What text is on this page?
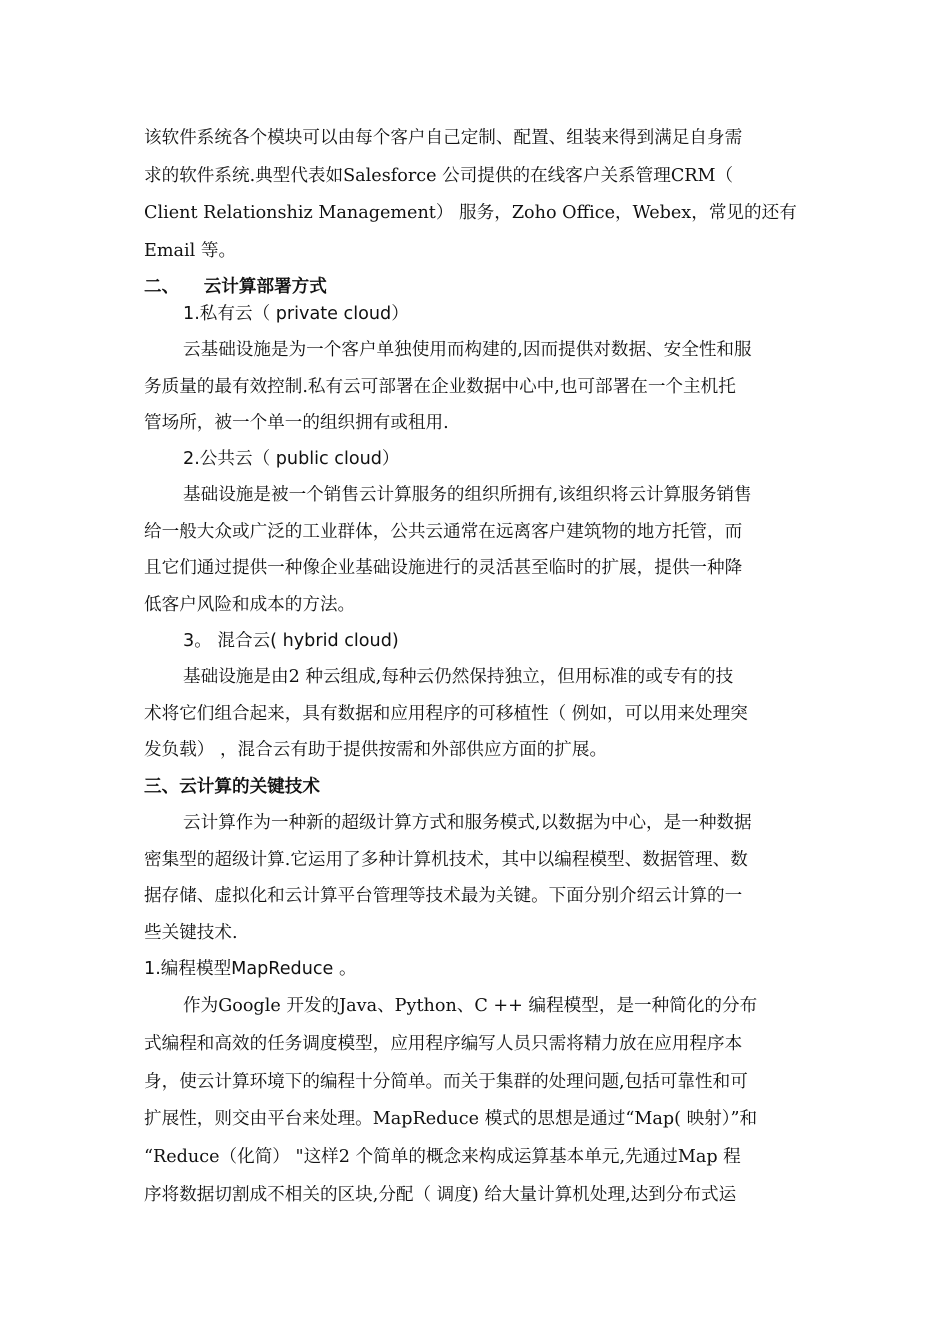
该软件系统各个模块可以由每个客户自己定制、配置、组装来得到满足自身需

求的软件系统.典型代表如Salesforce 公司提供的在线客户关系管理CRM（

Client Relationshiz Management） 服务，Zoho Office，Webex，常见的还有

Email 等。

二、    云计算部署方式

1.私有云（ private cloud）

云基础设施是为一个客户单独使用而构建的,因而提供对数据、安全性和服

务质量的最有效控制.私有云可部署在企业数据中心中,也可部署在一个主机托

管场所，被一个单一的组织拥有或租用.

2.公共云（ public cloud）

基础设施是被一个销售云计算服务的组织所拥有,该组织将云计算服务销售

给一般大众或广泛的工业群体，公共云通常在远离客户建筑物的地方托管，而

且它们通过提供一种像企业基础设施进行的灵活甚至临时的扩展，提供一种降

低客户风险和成本的方法。

3。 混合云( hybrid cloud)

基础设施是由2 种云组成,每种云仍然保持独立，但用标准的或专有的技

术将它们组合起来，具有数据和应用程序的可移植性（ 例如，可以用来处理突

发负载） ，混合云有助于提供按需和外部供应方面的扩展。

三、云计算的关键技术

云计算作为一种新的超级计算方式和服务模式,以数据为中心，是一种数据

密集型的超级计算.它运用了多种计算机技术，其中以编程模型、数据管理、数

据存储、虚拟化和云计算平台管理等技术最为关键。下面分别介绍云计算的一

些关键技术.

1.编程模型MapReduce 。

作为Google 开发的Java、Python、C ++ 编程模型，是一种简化的分布

式编程和高效的任务调度模型，应用程序编写人员只需将精力放在应用程序本

身，使云计算环境下的编程十分简单。而关于集群的处理问题,包括可靠性和可

扩展性，则交由平台来处理。MapReduce 模式的思想是通过“Map( 映射）”和

“Reduce（化简） "这样2 个简单的概念来构成运算基本单元,先通过Map 程

序将数据切割成不相关的区块,分配（ 调度) 给大量计算机处理,达到分布式运
